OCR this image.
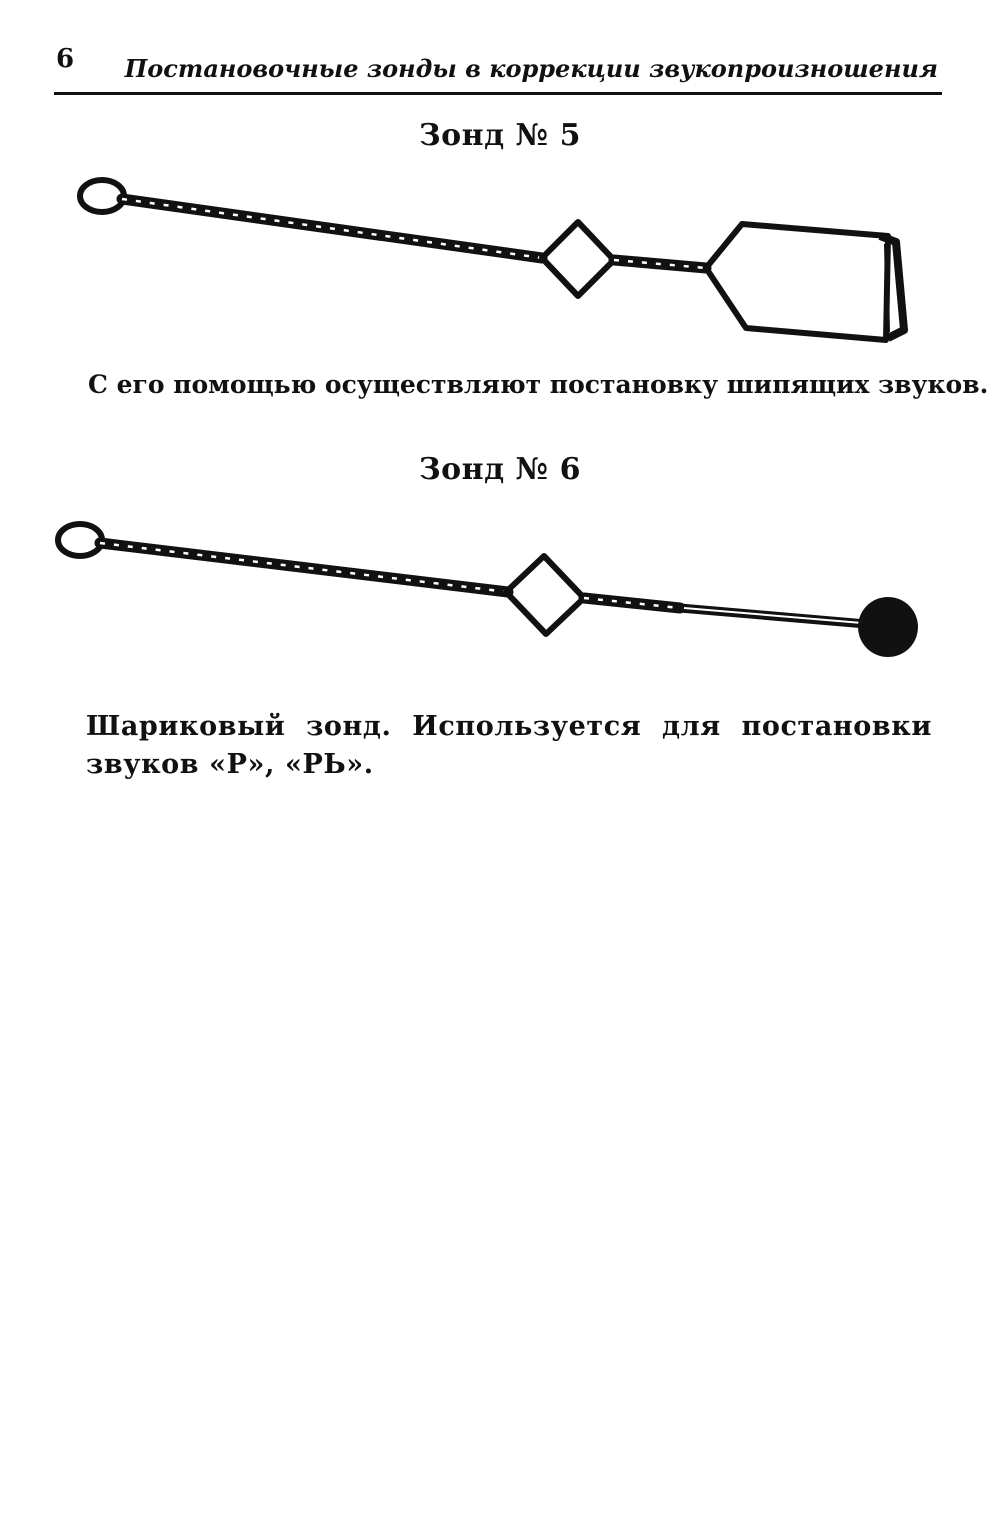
6 Постановочные зонды в коррекции звукопроизношения
Зонд № 5
С его помощью осуществляют постановку шипящих звуков.
Зонд № 6
Шариковый зонд. Используется для постановки звуков «Р», «РЬ».
